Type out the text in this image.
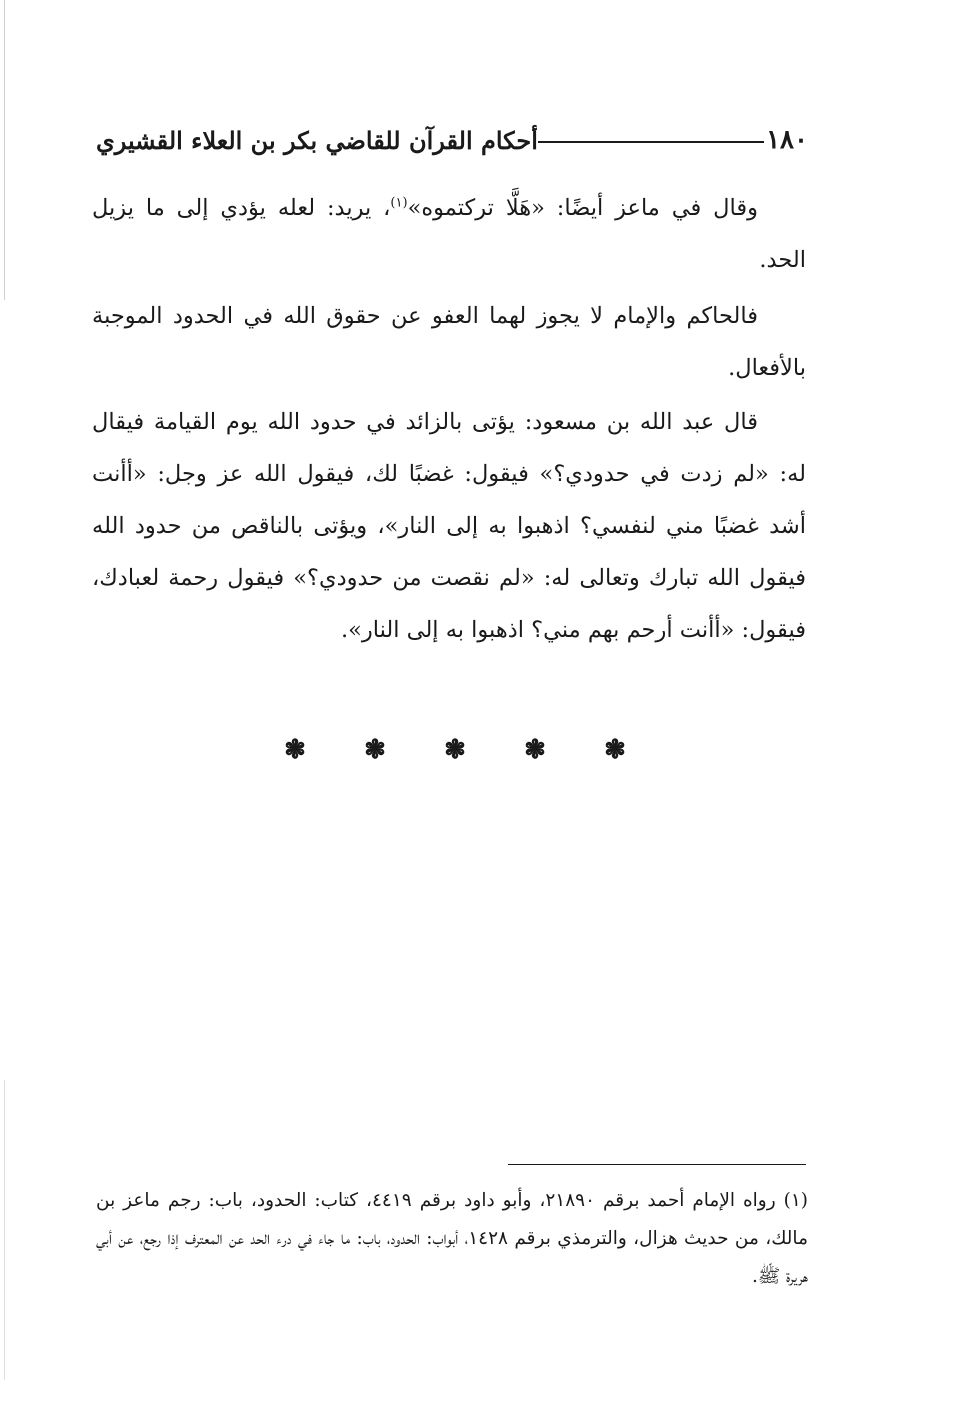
١٨٠
أحكام القرآن للقاضي بكر بن العلاء القشيري

وقال في ماعز أيضًا: «هَلَّا تركتموه»$^{(١)}$، يريد: لعله يؤدي إلى ما يزيل الحد.

فالحاكم والإمام لا يجوز لهما العفو عن حقوق الله في الحدود الموجبة بالأفعال.

قال عبد الله بن مسعود: يؤتى بالزائد في حدود الله يوم القيامة فيقال له: «لم زدت في حدودي؟» فيقول: غضبًا لك، فيقول الله عز وجل: «أأنت أشد غضبًا مني لنفسي؟ اذهبوا به إلى النار»، ويؤتى بالناقص من حدود الله فيقول الله تبارك وتعالى له: «لم نقصت من حدودي؟» فيقول رحمة لعبادك، فيقول: «أأنت أرحم بهم مني؟ اذهبوا به إلى النار».

❃
❃
❃
❃
❃

(١) رواه الإمام أحمد برقم ٢١٨٩٠، وأبو داود برقم ٤٤١٩، كتاب: الحدود، باب: رجم ماعز بن مالك، من حديث هزال، والترمذي برقم ١٤٢٨، أبواب: الحدود، باب: ما جاء في درء الحد عن المعترف إذا رجع، عن أبي هريرة ﷺ.
